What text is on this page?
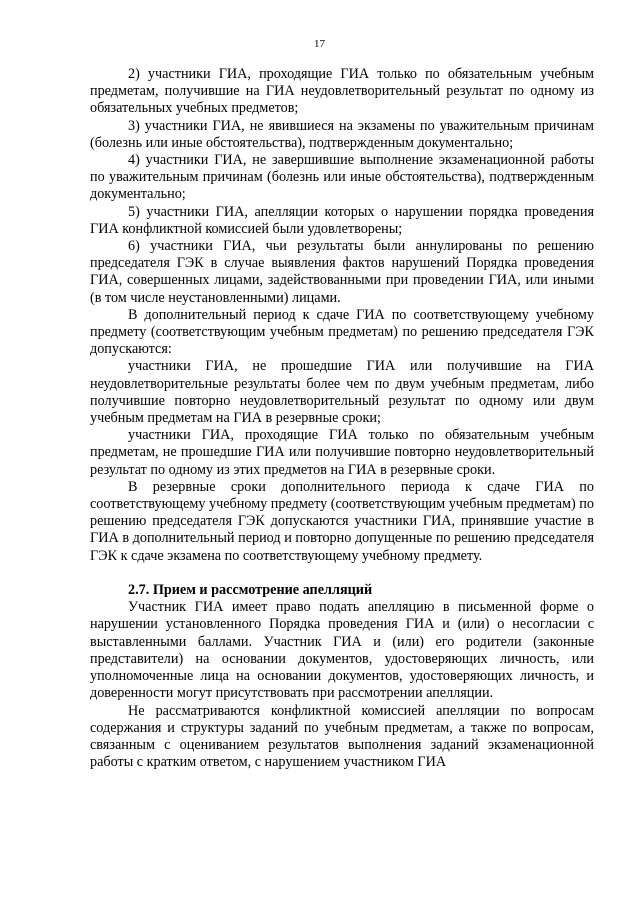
17

2) участники ГИА, проходящие ГИА только по обязательным учебным предметам, получившие на ГИА неудовлетворительный результат по одному из обязательных учебных предметов;

3) участники ГИА, не явившиеся на экзамены по уважительным причинам (болезнь или иные обстоятельства), подтвержденным документально;

4) участники ГИА, не завершившие выполнение экзаменационной работы по уважительным причинам (болезнь или иные обстоятельства), подтвержденным документально;

5) участники ГИА, апелляции которых о нарушении порядка проведения ГИА конфликтной комиссией были удовлетворены;

6) участники ГИА, чьи результаты были аннулированы по решению председателя ГЭК в случае выявления фактов нарушений Порядка проведения ГИА, совершенных лицами, задействованными при проведении ГИА, или иными (в том числе неустановленными) лицами.

В дополнительный период к сдаче ГИА по соответствующему учебному предмету (соответствующим учебным предметам) по решению председателя ГЭК допускаются:

участники ГИА, не прошедшие ГИА или получившие на ГИА неудовлетворительные результаты более чем по двум учебным предметам, либо получившие повторно неудовлетворительный результат по одному или двум учебным предметам на ГИА в резервные сроки;

участники ГИА, проходящие ГИА только по обязательным учебным предметам, не прошедшие ГИА или получившие повторно неудовлетворительный результат по одному из этих предметов на ГИА в резервные сроки.

В резервные сроки дополнительного периода к сдаче ГИА по соответствующему учебному предмету (соответствующим учебным предметам) по решению председателя ГЭК допускаются участники ГИА, принявшие участие в ГИА в дополнительный период и повторно допущенные по решению председателя ГЭК к сдаче экзамена по соответствующему учебному предмету.

2.7. Прием и рассмотрение апелляций

Участник ГИА имеет право подать апелляцию в письменной форме о нарушении установленного Порядка проведения ГИА и (или) о несогласии с выставленными баллами. Участник ГИА и (или) его родители (законные представители) на основании документов, удостоверяющих личность, или уполномоченные лица на основании документов, удостоверяющих личность, и доверенности могут присутствовать при рассмотрении апелляции.

Не рассматриваются конфликтной комиссией апелляции по вопросам содержания и структуры заданий по учебным предметам, а также по вопросам, связанным с оцениванием результатов выполнения заданий экзаменационной работы с кратким ответом, с нарушением участником ГИА
